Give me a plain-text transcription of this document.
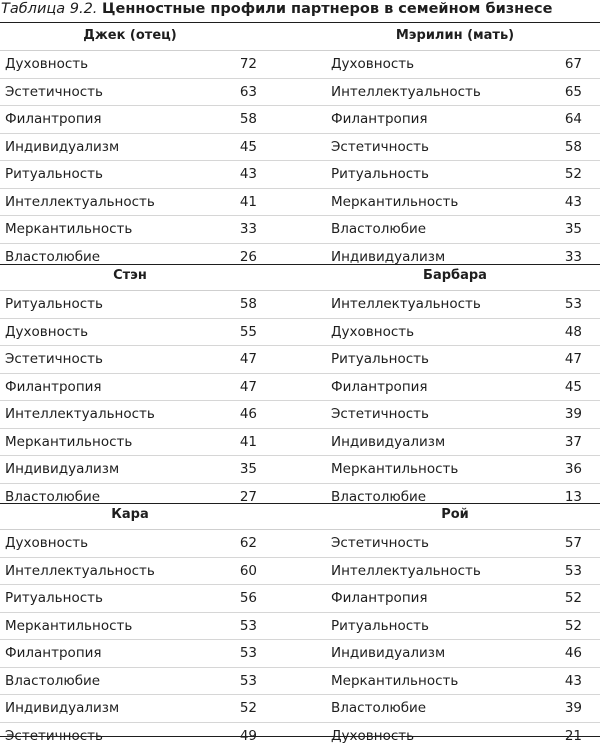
Таблица 9.2. Ценностные профили партнеров в семейном бизнесе
Джек (отец)	Мэрилин (мать)
Духовность	72	Духовность	67
Эстетичность	63	Интеллектуальность	65
Филантропия	58	Филантропия	64
Индивидуализм	45	Эстетичность	58
Ритуальность	43	Ритуальность	52
Интеллектуальность	41	Меркантильность	43
Меркантильность	33	Властолюбие	35
Властолюбие	26	Индивидуализм	33
Стэн	Барбара
Ритуальность	58	Интеллектуальность	53
Духовность	55	Духовность	48
Эстетичность	47	Ритуальность	47
Филантропия	47	Филантропия	45
Интеллектуальность	46	Эстетичность	39
Меркантильность	41	Индивидуализм	37
Индивидуализм	35	Меркантильность	36
Властолюбие	27	Властолюбие	13
Кара	Рой
Духовность	62	Эстетичность	57
Интеллектуальность	60	Интеллектуальность	53
Ритуальность	56	Филантропия	52
Меркантильность	53	Ритуальность	52
Филантропия	53	Индивидуализм	46
Властолюбие	53	Меркантильность	43
Индивидуализм	52	Властолюбие	39
Эстетичность	49	Духовность	21
